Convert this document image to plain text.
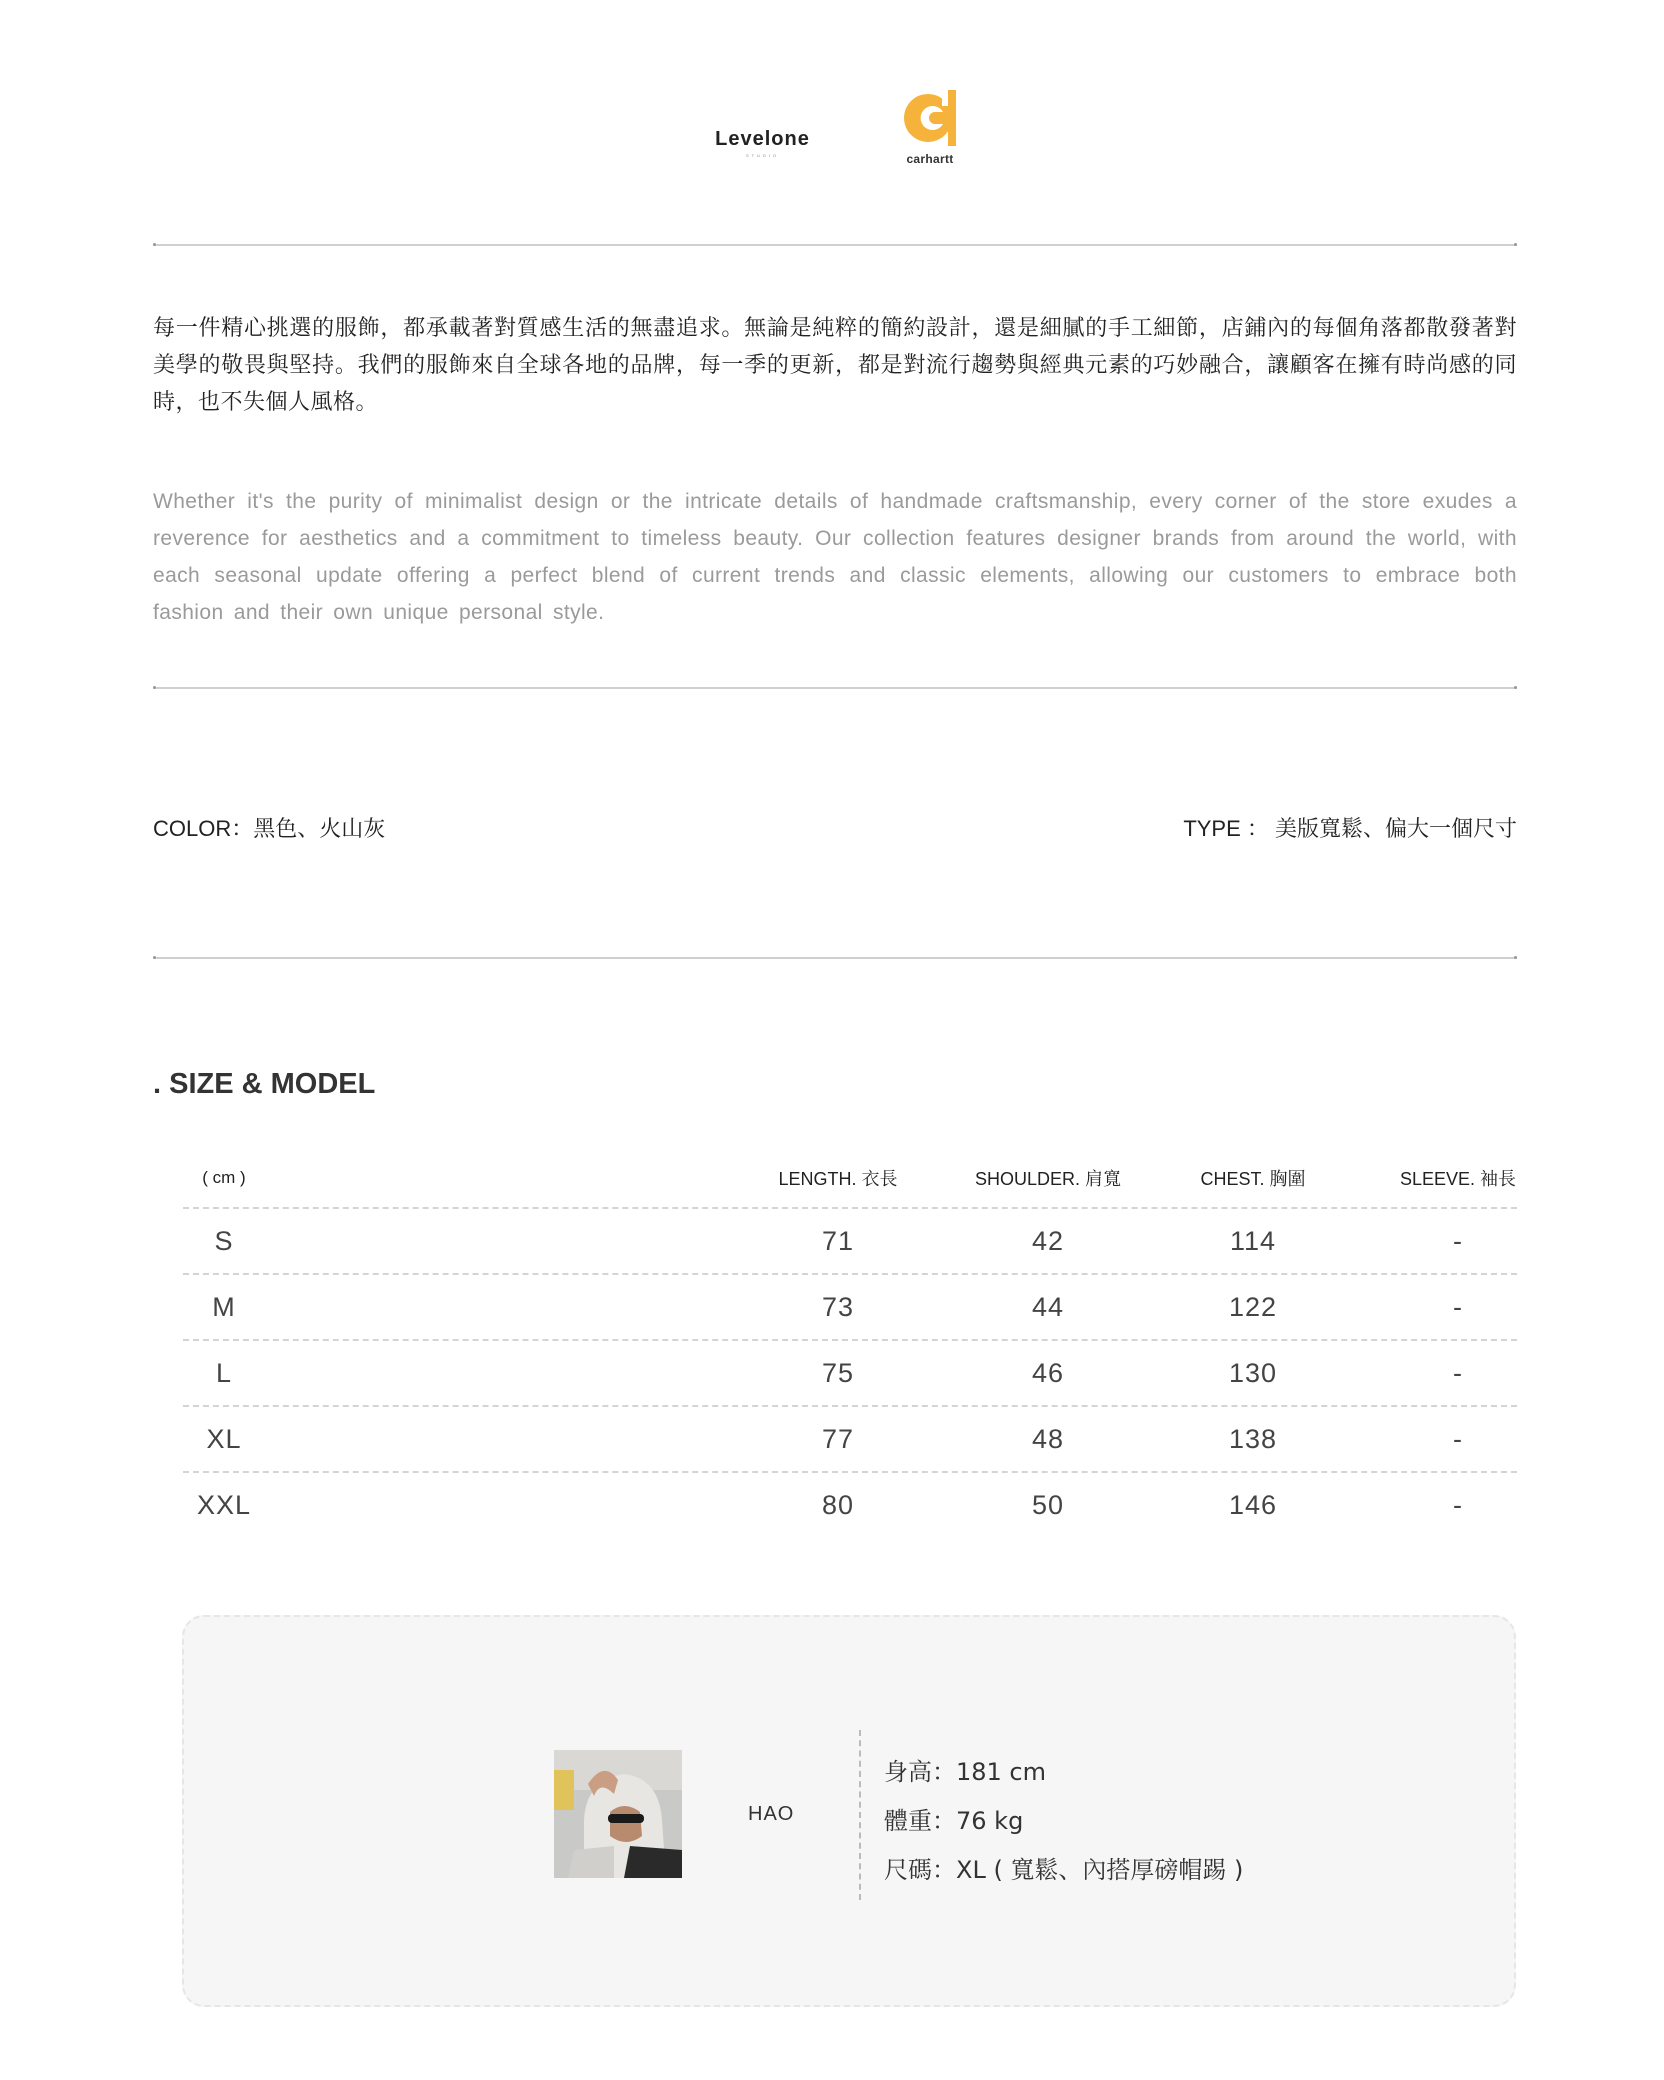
Levelone
STUDIO	carhartt
每一件精心挑選的服飾，都承載著對質感生活的無盡追求。無論是純粹的簡約設計，還是細膩的手工細節，店鋪內的每個角落都散發著對美學的敬畏與堅持。我們的服飾來自全球各地的品牌，每一季的更新，都是對流行趨勢與經典元素的巧妙融合，讓顧客在擁有時尚感的同時，也不失個人風格。
Whether it's the purity of minimalist design or the intricate details of handmade craftsmanship, every corner of the store exudes a reverence for aesthetics and a commitment to timeless beauty. Our collection features designer brands from around the world, with each seasonal update offering a perfect blend of current trends and classic elements, allowing our customers to embrace both fashion and their own unique personal style.
COLOR：黑色、火山灰	TYPE ： 美版寬鬆、偏大一個尺寸
. SIZE & MODEL
( cm )	LENGTH. 衣長	SHOULDER. 肩寬	CHEST. 胸圍	SLEEVE. 袖長
S	71	42	114	-
M	73	44	122	-
L	75	46	130	-
XL	77	48	138	-
XXL	80	50	146	-
HAO
身高：181 cm
體重：76 kg
尺碼：XL ( 寬鬆、內搭厚磅帽踢 )
